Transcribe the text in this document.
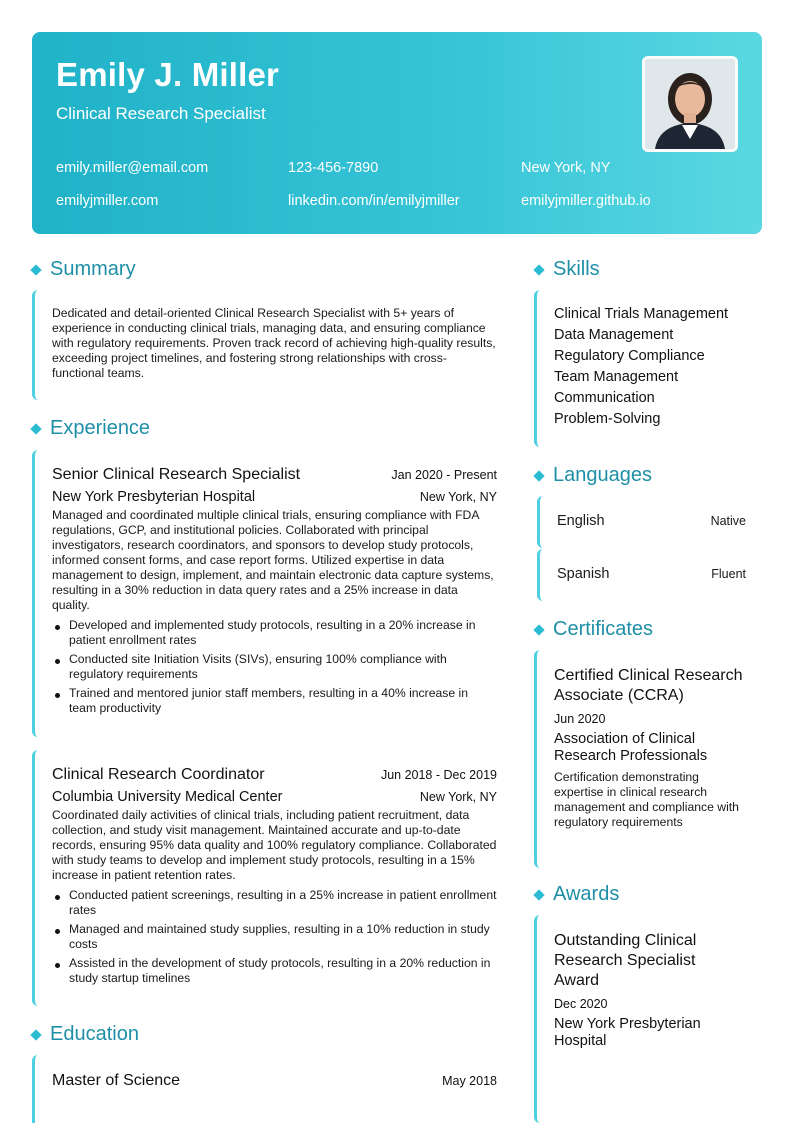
Emily J. Miller
Clinical Research Specialist
emily.miller@email.com	123-456-7890	New York, NY
emilyjmiller.com	linkedin.com/in/emilyjmiller	emilyjmiller.github.io
Summary
Dedicated and detail-oriented Clinical Research Specialist with 5+ years of experience in conducting clinical trials, managing data, and ensuring compliance with regulatory requirements. Proven track record of achieving high-quality results, exceeding project timelines, and fostering strong relationships with cross-functional teams.
Experience
Senior Clinical Research Specialist	Jan 2020 - Present
New York Presbyterian Hospital	New York, NY
Managed and coordinated multiple clinical trials, ensuring compliance with FDA regulations, GCP, and institutional policies. Collaborated with principal investigators, research coordinators, and sponsors to develop study protocols, informed consent forms, and case report forms. Utilized expertise in data management to design, implement, and maintain electronic data capture systems, resulting in a 30% reduction in data query rates and a 25% increase in data quality.
Developed and implemented study protocols, resulting in a 20% increase in patient enrollment rates
Conducted site Initiation Visits (SIVs), ensuring 100% compliance with regulatory requirements
Trained and mentored junior staff members, resulting in a 40% increase in team productivity
Clinical Research Coordinator	Jun 2018 - Dec 2019
Columbia University Medical Center	New York, NY
Coordinated daily activities of clinical trials, including patient recruitment, data collection, and study visit management. Maintained accurate and up-to-date records, ensuring 95% data quality and 100% regulatory compliance. Collaborated with study teams to develop and implement study protocols, resulting in a 15% increase in patient retention rates.
Conducted patient screenings, resulting in a 25% increase in patient enrollment rates
Managed and maintained study supplies, resulting in a 10% reduction in study costs
Assisted in the development of study protocols, resulting in a 20% reduction in study startup timelines
Education
Master of Science	May 2018
Skills
Clinical Trials Management
Data Management
Regulatory Compliance
Team Management
Communication
Problem-Solving
Languages
English	Native
Spanish	Fluent
Certificates
Certified Clinical Research Associate (CCRA)
Jun 2020
Association of Clinical Research Professionals
Certification demonstrating expertise in clinical research management and compliance with regulatory requirements
Awards
Outstanding Clinical Research Specialist Award
Dec 2020
New York Presbyterian Hospital
